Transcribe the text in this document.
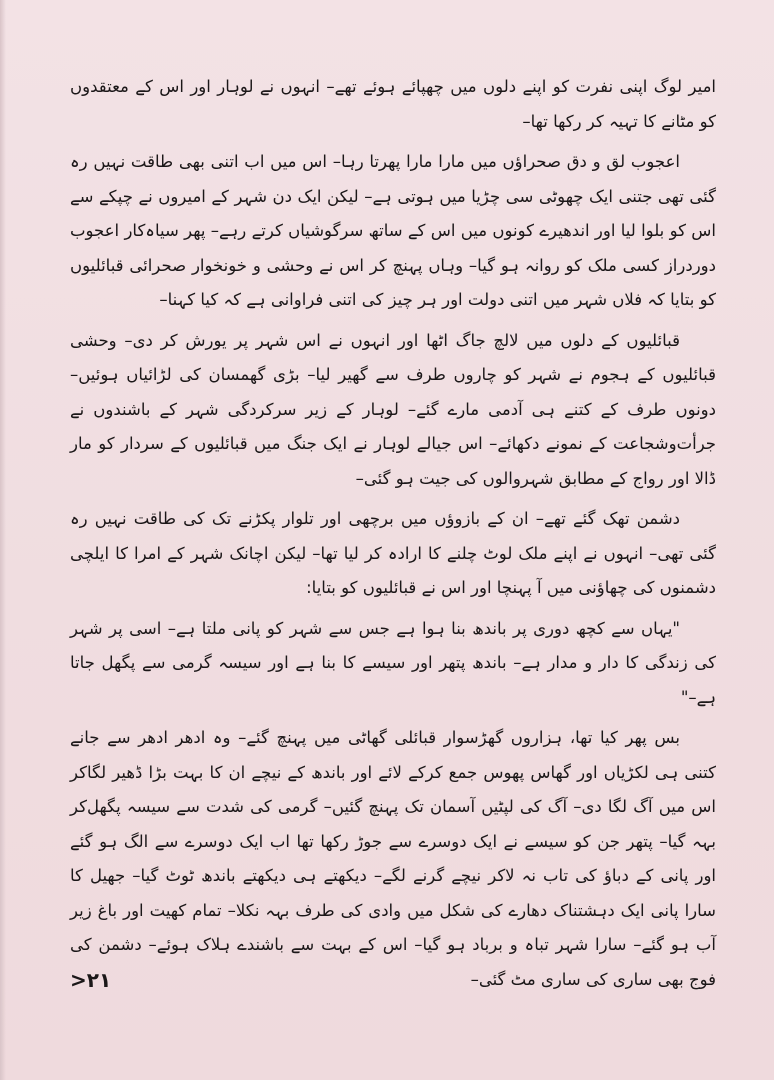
امیر لوگ اپنی نفرت کو اپنے دلوں میں چھپائے ہوئے تھے– انہوں نے لوہار اور اس کے معتقدوں کو مٹانے کا تہیہ کر رکھا تھا–

اعجوب لق و دق صحراؤں میں مارا مارا پھرتا رہا– اس میں اب اتنی بھی طاقت نہیں رہ گئی تھی جتنی ایک چھوٹی سی چڑیا میں ہوتی ہے– لیکن ایک دن شہر کے امیروں نے چپکے سے اس کو بلوا لیا اور اندھیرے کونوں میں اس کے ساتھ سرگوشیاں کرتے رہے– پھر سیاہ‌کار اعجوب دوردراز کسی ملک کو روانہ ہو گیا– وہاں پہنچ کر اس نے وحشی و خونخوار صحرائی قبائلیوں کو بتایا کہ فلاں شہر میں اتنی دولت اور ہر چیز کی اتنی فراوانی ہے کہ کیا کہنا–

قبائلیوں کے دلوں میں لالچ جاگ اٹھا اور انہوں نے اس شہر پر یورش کر دی– وحشی قبائلیوں کے ہجوم نے شہر کو چاروں طرف سے گھیر لیا– بڑی گھمسان کی لڑائیاں ہوئیں– دونوں طرف کے کتنے ہی آدمی مارے گئے– لوہار کے زیر سرکردگی شہر کے باشندوں نے جرأت‌وشجاعت کے نمونے دکھائے– اس جیالے لوہار نے ایک جنگ میں قبائلیوں کے سردار کو مار ڈالا اور رواج کے مطابق شہروالوں کی جیت ہو گئی–

دشمن تھک گئے تھے– ان کے بازوؤں میں برچھی اور تلوار پکڑنے تک کی طاقت نہیں رہ گئی تھی– انہوں نے اپنے ملک لوٹ چلنے کا ارادہ کر لیا تھا– لیکن اچانک شہر کے امرا کا ایلچی دشمنوں کی چھاؤنی میں آ پہنچا اور اس نے قبائلیوں کو بتایا:

"یہاں سے کچھ دوری پر باندھ بنا ہوا ہے جس سے شہر کو پانی ملتا ہے– اسی پر شہر کی زندگی کا دار و مدار ہے– باندھ پتھر اور سیسے کا بنا ہے اور سیسہ گرمی سے پگھل جاتا ہے–"

بس پھر کیا تھا، ہزاروں گھڑسوار قبائلی گھاٹی میں پہنچ گئے– وہ ادھر ادھر سے جانے کتنی ہی لکڑیاں اور گھاس پھوس جمع کرکے لائے اور باندھ کے نیچے ان کا بہت بڑا ڈھیر لگاکر اس میں آگ لگا دی– آگ کی لپٹیں آسمان تک پہنچ گئیں– گرمی کی شدت سے سیسہ پگھل‌کر بہہ گیا– پتھر جن کو سیسے نے ایک دوسرے سے جوڑ رکھا تھا اب ایک دوسرے سے الگ ہو گئے اور پانی کے دباؤ کی تاب نہ لاکر نیچے گرنے لگے– دیکھتے ہی دیکھتے باندھ ٹوٹ گیا– جھیل کا سارا پانی ایک دہشتناک دھارے کی شکل میں وادی کی طرف بہہ نکلا– تمام کھیت اور باغ زیر آب ہو گئے– سارا شہر تباہ و برباد ہو گیا– اس کے بہت سے باشندے ہلاک ہوئے– دشمن کی فوج بھی ساری کی ساری مٹ گئی–

۲۱<
